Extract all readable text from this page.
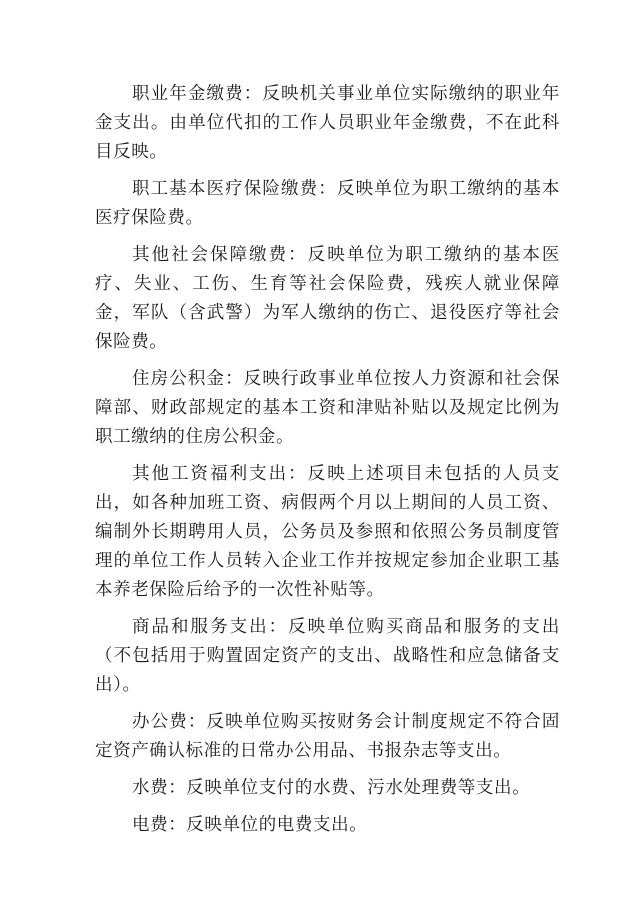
职业年金缴费：反映机关事业单位实际缴纳的职业年金支出。由单位代扣的工作人员职业年金缴费，不在此科目反映。

职工基本医疗保险缴费：反映单位为职工缴纳的基本医疗保险费。

其他社会保障缴费：反映单位为职工缴纳的基本医疗、失业、工伤、生育等社会保险费，残疾人就业保障金，军队（含武警）为军人缴纳的伤亡、退役医疗等社会保险费。

住房公积金：反映行政事业单位按人力资源和社会保障部、财政部规定的基本工资和津贴补贴以及规定比例为职工缴纳的住房公积金。

其他工资福利支出：反映上述项目未包括的人员支出，如各种加班工资、病假两个月以上期间的人员工资、编制外长期聘用人员，公务员及参照和依照公务员制度管理的单位工作人员转入企业工作并按规定参加企业职工基本养老保险后给予的一次性补贴等。

商品和服务支出：反映单位购买商品和服务的支出（不包括用于购置固定资产的支出、战略性和应急储备支出）。

办公费：反映单位购买按财务会计制度规定不符合固定资产确认标准的日常办公用品、书报杂志等支出。

水费：反映单位支付的水费、污水处理费等支出。

电费：反映单位的电费支出。
